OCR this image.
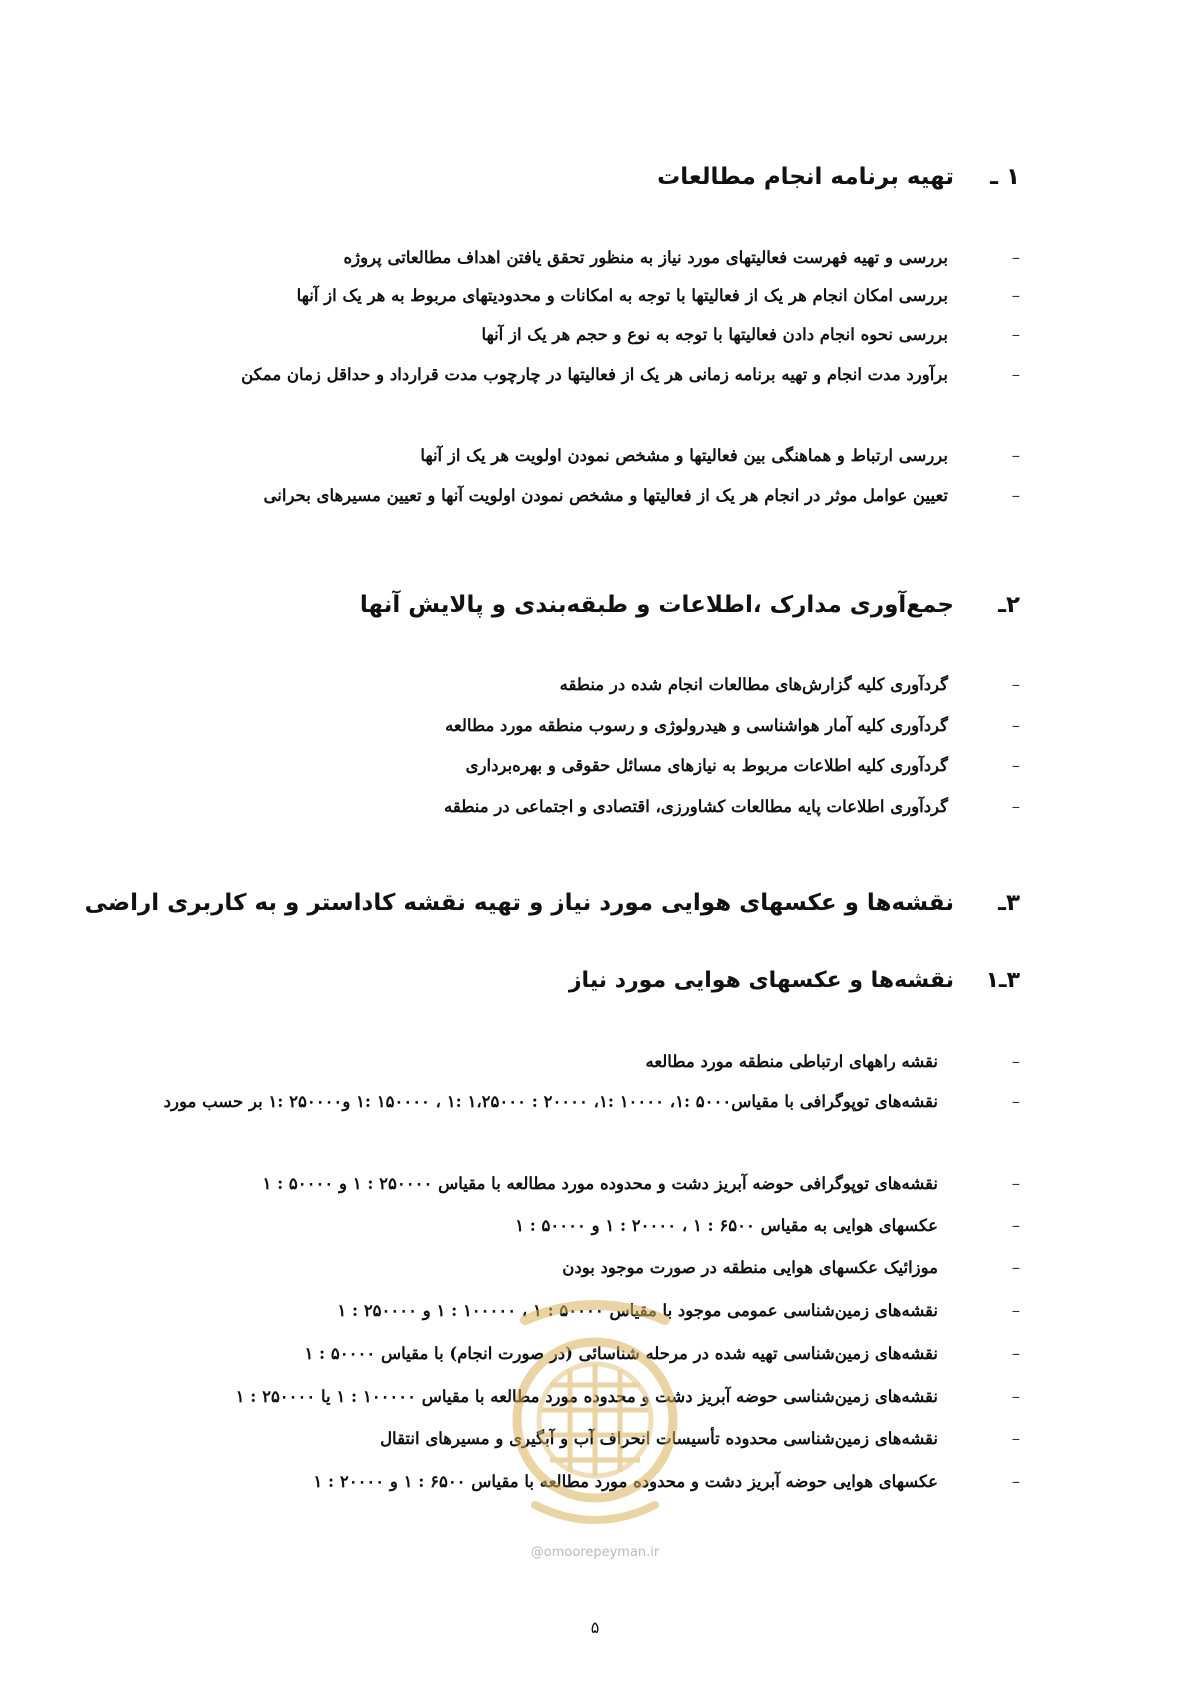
۱ ـ
تهیه برنامه انجام مطالعات
–
بررسی و تهیه فهرست فعالیتهای مورد نیاز به منظور تحقق یافتن اهداف مطالعاتی پروژه
–
بررسی امکان انجام هر یک از فعالیتها با توجه به امکانات و محدودیتهای مربوط به هر یک از آنها
–
بررسی نحوه انجام دادن فعالیتها با توجه به نوع و حجم هر یک از آنها
–
برآورد مدت انجام و تهیه برنامه زمانی هر یک از فعالیتها در چارچوب مدت قرارداد و حداقل زمان ممکن
–
بررسی ارتباط و هماهنگی بین فعالیتها و مشخص نمودن اولویت هر یک از آنها
–
تعیین عوامل موثر در انجام هر یک از فعالیتها و مشخص نمودن اولویت آنها و تعیین مسیرهای بحرانی
۲ـ
جمع‌آوری مدارک ،اطلاعات و طبقه‌بندی و پالایش آنها
–
گردآوری کلیه گزارش‌های مطالعات انجام شده در منطقه
–
گردآوری کلیه آمار هواشناسی و هیدرولوژی و رسوب منطقه مورد مطالعه
–
گردآوری کلیه اطلاعات مربوط به نیازهای مسائل حقوقی و بهره‌برداری
–
گردآوری اطلاعات پایه مطالعات کشاورزی، اقتصادی و اجتماعی در منطقه
۳ـ
نقشه‌ها و عکسهای هوایی مورد نیاز و تهیه نقشه کاداستر و به کاربری اراضی
۳ـ۱
نقشه‌ها و عکسهای هوایی مورد نیاز
–
نقشه راههای ارتباطی منطقه مورد مطالعه
–
نقشه‌های توپوگرافی با مقیاس۵۰۰۰ :۱، ۱۰۰۰۰ :۱، ۲۰۰۰۰ : ۱،۲۵۰۰۰ :۱ ، ۱۵۰۰۰۰ :۱ و۲۵۰۰۰۰ :۱ بر حسب مورد
–
نقشه‌های توپوگرافی حوضه آبریز دشت و محدوده مورد مطالعه با مقیاس ۲۵۰۰۰۰ : ۱ و ۵۰۰۰۰ : ۱
–
عکسهای هوایی به مقیاس ۶۵۰۰ : ۱ ، ۲۰۰۰۰ : ۱ و ۵۰۰۰۰ : ۱
–
موزائیک عکسهای هوایی منطقه در صورت موجود بودن
–
نقشه‌های زمین‌شناسی عمومی موجود با مقیاس ۵۰۰۰۰ : ۱ ، ۱۰۰۰۰۰ : ۱ و ۲۵۰۰۰۰ : ۱
–
نقشه‌های زمین‌شناسی تهیه شده در مرحله شناسائی (در صورت انجام) با مقیاس ۵۰۰۰۰ : ۱
–
نقشه‌های زمین‌شناسی حوضه آبریز دشت و محدوده مورد مطالعه با مقیاس ۱۰۰۰۰۰ : ۱ یا ۲۵۰۰۰۰ : ۱
–
نقشه‌های زمین‌شناسی محدوده تأسیسات انحراف آب و آبگیری و مسیرهای انتقال
–
عکسهای هوایی حوضه آبریز دشت و محدوده مورد مطالعه با مقیاس ۶۵۰۰ : ۱ و ۲۰۰۰۰ : ۱
@omoorepeyman.ir
۵
